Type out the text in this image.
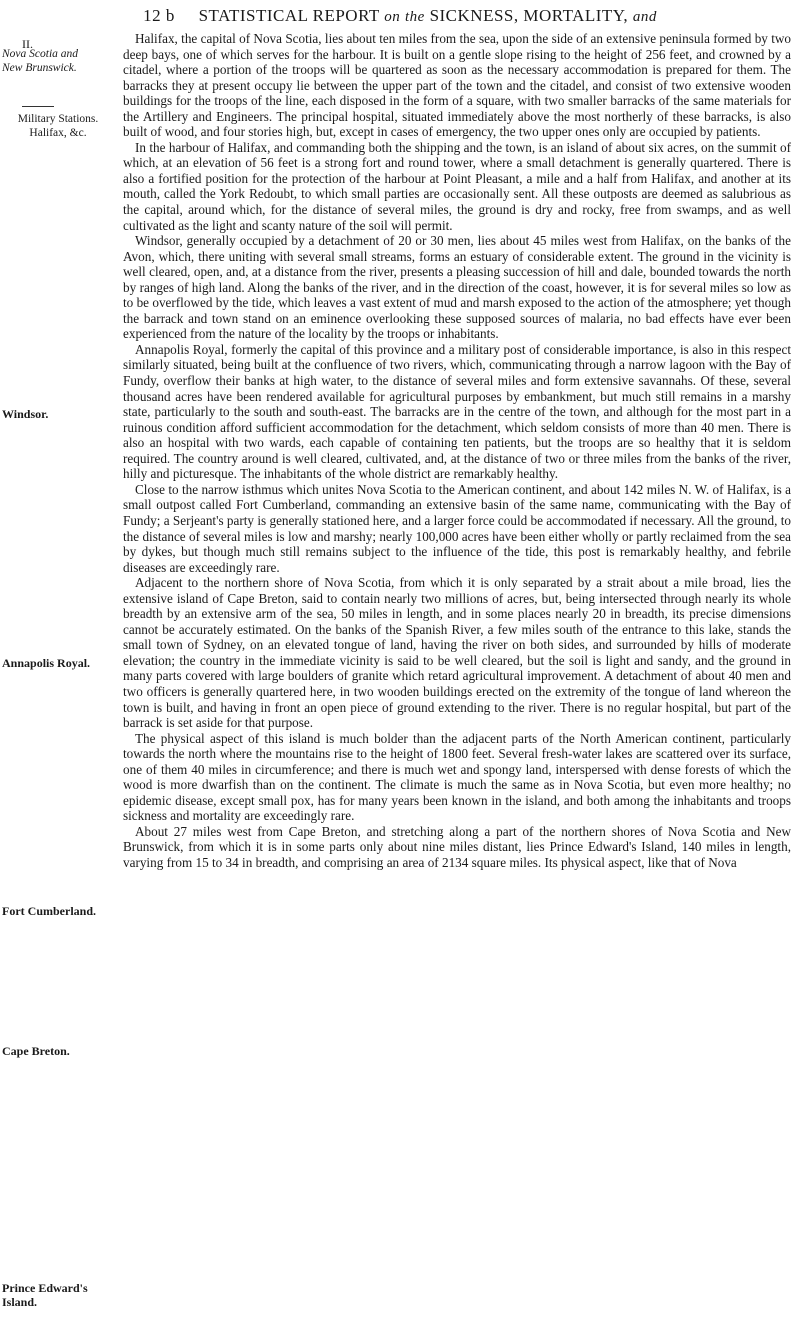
12 b STATISTICAL REPORT on the SICKNESS, MORTALITY, and
II.
Nova Scotia and
New Brunswick.
Military Stations.
Halifax, &c.
Windsor.
Annapolis Royal.
Fort Cumberland.
Cape Breton.
Prince Edward's
Island.

Halifax, the capital of Nova Scotia, lies about ten miles from the sea, upon the side of an extensive peninsula formed by two deep bays, one of which serves for the harbour. It is built on a gentle slope rising to the height of 256 feet, and crowned by a citadel, where a portion of the troops will be quartered as soon as the necessary accommodation is prepared for them. The barracks they at present occupy lie between the upper part of the town and the citadel, and consist of two extensive wooden buildings for the troops of the line, each disposed in the form of a square, with two smaller barracks of the same materials for the Artillery and Engineers. The principal hospital, situated immediately above the most northerly of these barracks, is also built of wood, and four stories high, but, except in cases of emergency, the two upper ones only are occupied by patients.

In the harbour of Halifax, and commanding both the shipping and the town, is an island of about six acres, on the summit of which, at an elevation of 56 feet is a strong fort and round tower, where a small detachment is generally quartered. There is also a fortified position for the protection of the harbour at Point Pleasant, a mile and a half from Halifax, and another at its mouth, called the York Redoubt, to which small parties are occasionally sent. All these outposts are deemed as salubrious as the capital, around which, for the distance of several miles, the ground is dry and rocky, free from swamps, and as well cultivated as the light and scanty nature of the soil will permit.

Windsor, generally occupied by a detachment of 20 or 30 men, lies about 45 miles west from Halifax, on the banks of the Avon, which, there uniting with several small streams, forms an estuary of considerable extent. The ground in the vicinity is well cleared, open, and, at a distance from the river, presents a pleasing succession of hill and dale, bounded towards the north by ranges of high land. Along the banks of the river, and in the direction of the coast, however, it is for several miles so low as to be overflowed by the tide, which leaves a vast extent of mud and marsh exposed to the action of the atmosphere; yet though the barrack and town stand on an eminence overlooking these supposed sources of malaria, no bad effects have ever been experienced from the nature of the locality by the troops or inhabitants.

Annapolis Royal, formerly the capital of this province and a military post of considerable importance, is also in this respect similarly situated, being built at the confluence of two rivers, which, communicating through a narrow lagoon with the Bay of Fundy, overflow their banks at high water, to the distance of several miles and form extensive savannahs. Of these, several thousand acres have been rendered available for agricultural purposes by embankment, but much still remains in a marshy state, particularly to the south and south-east. The barracks are in the centre of the town, and although for the most part in a ruinous condition afford sufficient accommodation for the detachment, which seldom consists of more than 40 men. There is also an hospital with two wards, each capable of containing ten patients, but the troops are so healthy that it is seldom required. The country around is well cleared, cultivated, and, at the distance of two or three miles from the banks of the river, hilly and picturesque. The inhabitants of the whole district are remarkably healthy.

Close to the narrow isthmus which unites Nova Scotia to the American continent, and about 142 miles N. W. of Halifax, is a small outpost called Fort Cumberland, commanding an extensive basin of the same name, communicating with the Bay of Fundy; a Serjeant's party is generally stationed here, and a larger force could be accommodated if necessary. All the ground, to the distance of several miles is low and marshy; nearly 100,000 acres have been either wholly or partly reclaimed from the sea by dykes, but though much still remains subject to the influence of the tide, this post is remarkably healthy, and febrile diseases are exceedingly rare.

Adjacent to the northern shore of Nova Scotia, from which it is only separated by a strait about a mile broad, lies the extensive island of Cape Breton, said to contain nearly two millions of acres, but, being intersected through nearly its whole breadth by an extensive arm of the sea, 50 miles in length, and in some places nearly 20 in breadth, its precise dimensions cannot be accurately estimated. On the banks of the Spanish River, a few miles south of the entrance to this lake, stands the small town of Sydney, on an elevated tongue of land, having the river on both sides, and surrounded by hills of moderate elevation; the country in the immediate vicinity is said to be well cleared, but the soil is light and sandy, and the ground in many parts covered with large boulders of granite which retard agricultural improvement. A detachment of about 40 men and two officers is generally quartered here, in two wooden buildings erected on the extremity of the tongue of land whereon the town is built, and having in front an open piece of ground extending to the river. There is no regular hospital, but part of the barrack is set aside for that purpose.

The physical aspect of this island is much bolder than the adjacent parts of the North American continent, particularly towards the north where the mountains rise to the height of 1800 feet. Several fresh-water lakes are scattered over its surface, one of them 40 miles in circumference; and there is much wet and spongy land, interspersed with dense forests of which the wood is more dwarfish than on the continent. The climate is much the same as in Nova Scotia, but even more healthy; no epidemic disease, except small pox, has for many years been known in the island, and both among the inhabitants and troops sickness and mortality are exceedingly rare.

About 27 miles west from Cape Breton, and stretching along a part of the northern shores of Nova Scotia and New Brunswick, from which it is in some parts only about nine miles distant, lies Prince Edward's Island, 140 miles in length, varying from 15 to 34 in breadth, and comprising an area of 2134 square miles. Its physical aspect, like that of Nova
